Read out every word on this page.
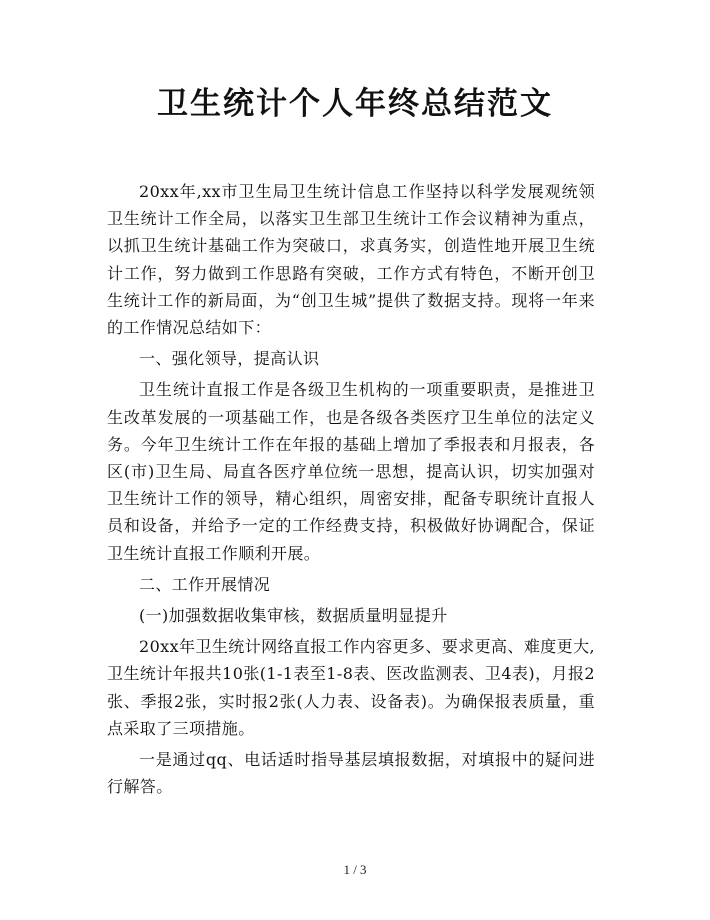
卫生统计个人年终总结范文

20xx年,xx市卫生局卫生统计信息工作坚持以科学发展观统领卫生统计工作全局，以落实卫生部卫生统计工作会议精神为重点，以抓卫生统计基础工作为突破口，求真务实，创造性地开展卫生统计工作，努力做到工作思路有突破，工作方式有特色，不断开创卫生统计工作的新局面，为“创卫生城”提供了数据支持。现将一年来的工作情况总结如下：

一、强化领导，提高认识

卫生统计直报工作是各级卫生机构的一项重要职责，是推进卫生改革发展的一项基础工作，也是各级各类医疗卫生单位的法定义务。今年卫生统计工作在年报的基础上增加了季报表和月报表，各区(市)卫生局、局直各医疗单位统一思想，提高认识，切实加强对卫生统计工作的领导，精心组织，周密安排，配备专职统计直报人员和设备，并给予一定的工作经费支持，积极做好协调配合，保证卫生统计直报工作顺利开展。

二、工作开展情况

(一)加强数据收集审核，数据质量明显提升

20xx年卫生统计网络直报工作内容更多、要求更高、难度更大,卫生统计年报共10张(1-1表至1-8表、医改监测表、卫4表)，月报2张、季报2张，实时报2张(人力表、设备表)。为确保报表质量，重点采取了三项措施。

一是通过qq、电话适时指导基层填报数据，对填报中的疑问进行解答。

1 / 3
